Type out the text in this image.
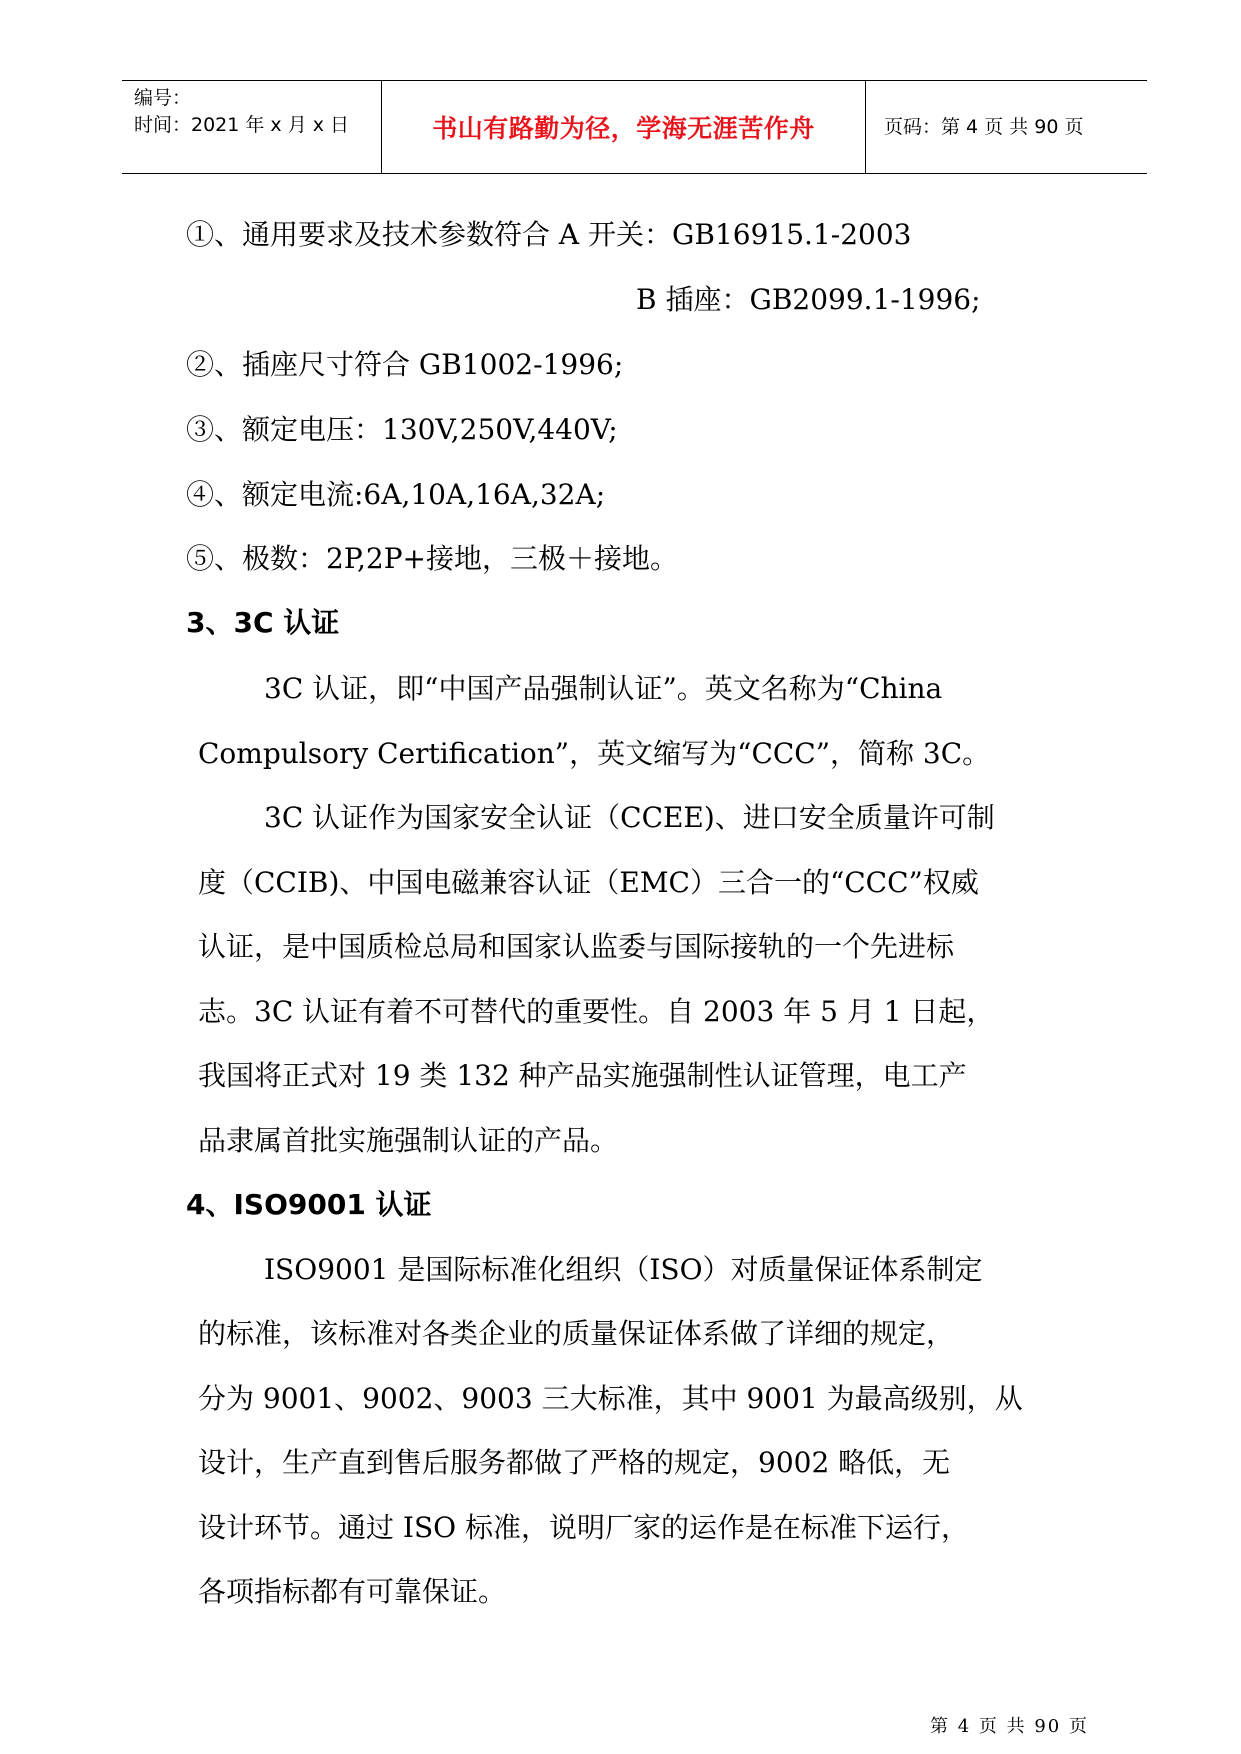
编号：
时间：2021 年 x 月 x 日	书山有路勤为径，学海无涯苦作舟	页码：第 4 页 共 90 页
①、通用要求及技术参数符合 A 开关：GB16915.1-2003
B 插座：GB2099.1-1996;
②、插座尺寸符合 GB1002-1996;
③、额定电压：130V,250V,440V;
④、额定电流:6A,10A,16A,32A;
⑤、极数：2P,2P+接地，三极＋接地。
3、3C 认证
3C 认证，即“中国产品强制认证”。英文名称为“China
Compulsory Certification”，英文缩写为“CCC”，简称 3C。
3C 认证作为国家安全认证（CCEE)、进口安全质量许可制
度（CCIB)、中国电磁兼容认证（EMC）三合一的“CCC”权威
认证，是中国质检总局和国家认监委与国际接轨的一个先进标
志。3C 认证有着不可替代的重要性。自 2003 年 5 月 1 日起，
我国将正式对 19 类 132 种产品实施强制性认证管理，电工产
品隶属首批实施强制认证的产品。
4、ISO9001 认证
ISO9001 是国际标准化组织（ISO）对质量保证体系制定
的标准，该标准对各类企业的质量保证体系做了详细的规定，
分为 9001、9002、9003 三大标准，其中 9001 为最高级别，从
设计，生产直到售后服务都做了严格的规定，9002 略低，无
设计环节。通过 ISO 标准，说明厂家的运作是在标准下运行，
各项指标都有可靠保证。
第 4 页 共 90 页
